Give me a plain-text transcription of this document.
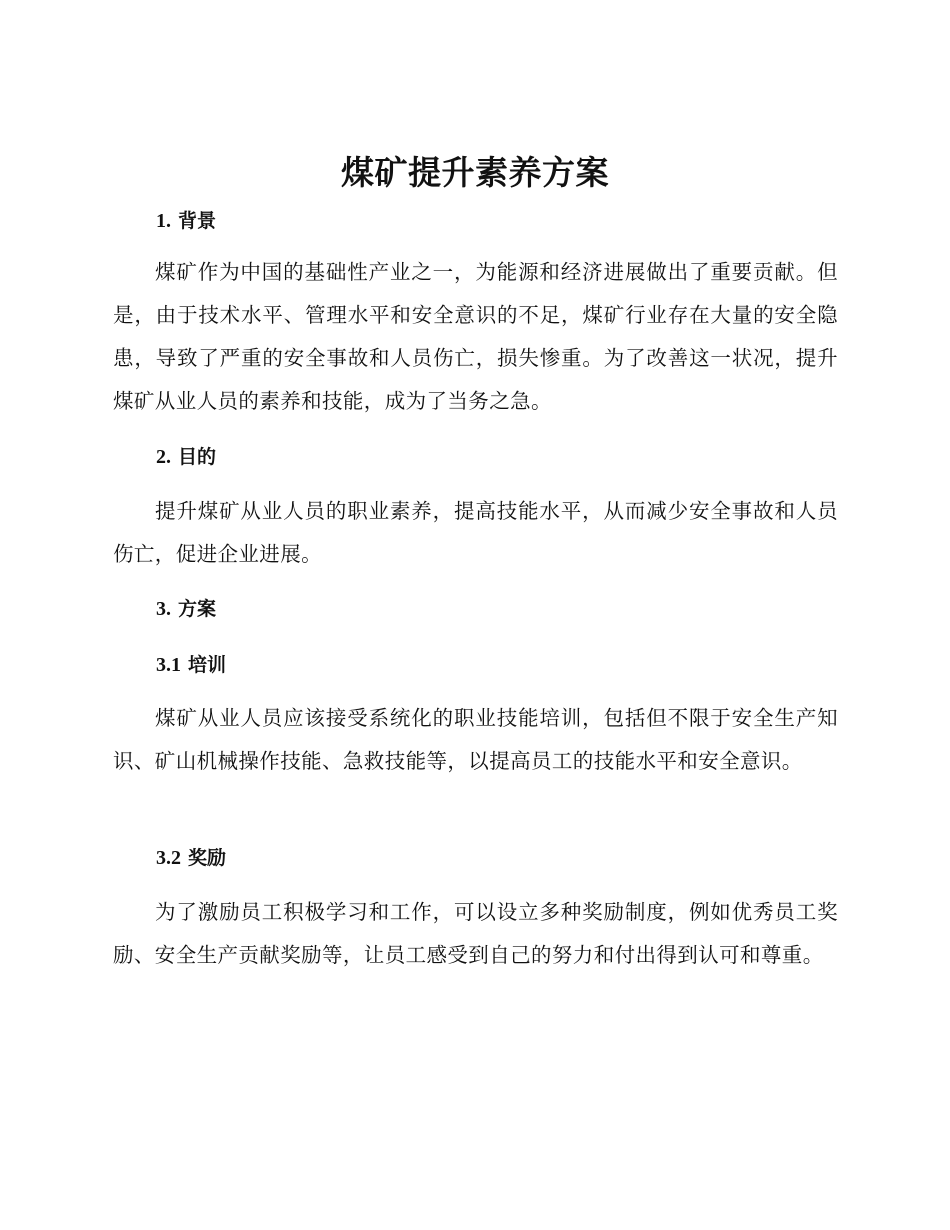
煤矿提升素养方案
1. 背景

煤矿作为中国的基础性产业之一，为能源和经济进展做出了重要贡献。但是，由于技术水平、管理水平和安全意识的不足，煤矿行业存在大量的安全隐患，导致了严重的安全事故和人员伤亡，损失惨重。为了改善这一状况，提升煤矿从业人员的素养和技能，成为了当务之急。

2. 目的

提升煤矿从业人员的职业素养，提高技能水平，从而减少安全事故和人员伤亡，促进企业进展。

3. 方案
3.1 培训

煤矿从业人员应该接受系统化的职业技能培训，包括但不限于安全生产知识、矿山机械操作技能、急救技能等，以提高员工的技能水平和安全意识。

3.2 奖励

为了激励员工积极学习和工作，可以设立多种奖励制度，例如优秀员工奖励、安全生产贡献奖励等，让员工感受到自己的努力和付出得到认可和尊重。
